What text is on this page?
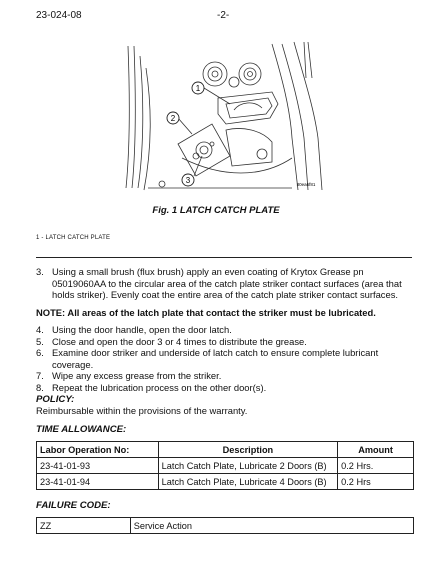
23-024-08	-2-
1
2
3	80ea6f81
Fig. 1 LATCH CATCH PLATE
1 - LATCH CATCH PLATE
3. Using a small brush (flux brush) apply an even coating of Krytox Grease pn 05019060AA to the circular area of the catch plate striker contact surfaces (area that holds striker). Evenly coat the entire area of the catch plate striker contact surfaces.
NOTE: All areas of the latch plate that contact the striker must be lubricated.
4. Using the door handle, open the door latch.
5. Close and open the door 3 or 4 times to distribute the grease.
6. Examine door striker and underside of latch catch to ensure complete lubricant coverage.
7. Wipe any excess grease from the striker.
8. Repeat the lubrication process on the other door(s).
POLICY:
Reimbursable within the provisions of the warranty.
TIME ALLOWANCE:
Labor Operation No:	Description	Amount
23-41-01-93	Latch Catch Plate, Lubricate 2 Doors (B)	0.2 Hrs.
23-41-01-94	Latch Catch Plate, Lubricate 4 Doors (B)	0.2 Hrs
FAILURE CODE:
ZZ	Service Action
